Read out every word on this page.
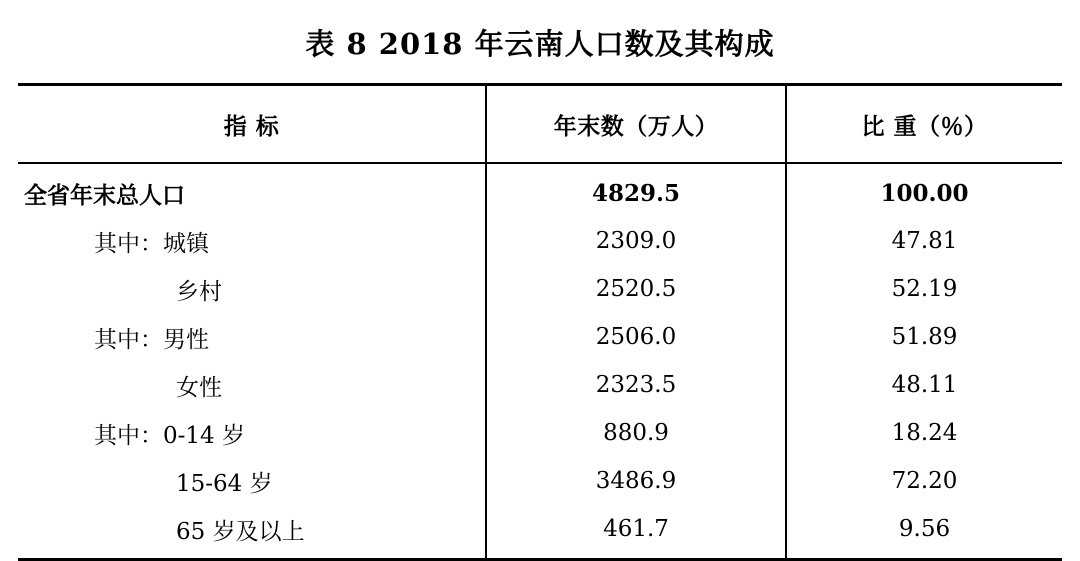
表 8 2018 年云南人口数及其构成
指 标	年末数（万人）	比 重（％）
全省年末总人口	4829.5	100.00
其中：城镇	2309.0	47.81
乡村	2520.5	52.19
其中：男性	2506.0	51.89
女性	2323.5	48.11
其中：0-14 岁	880.9	18.24
15-64 岁	3486.9	72.20
65 岁及以上	461.7	9.56
